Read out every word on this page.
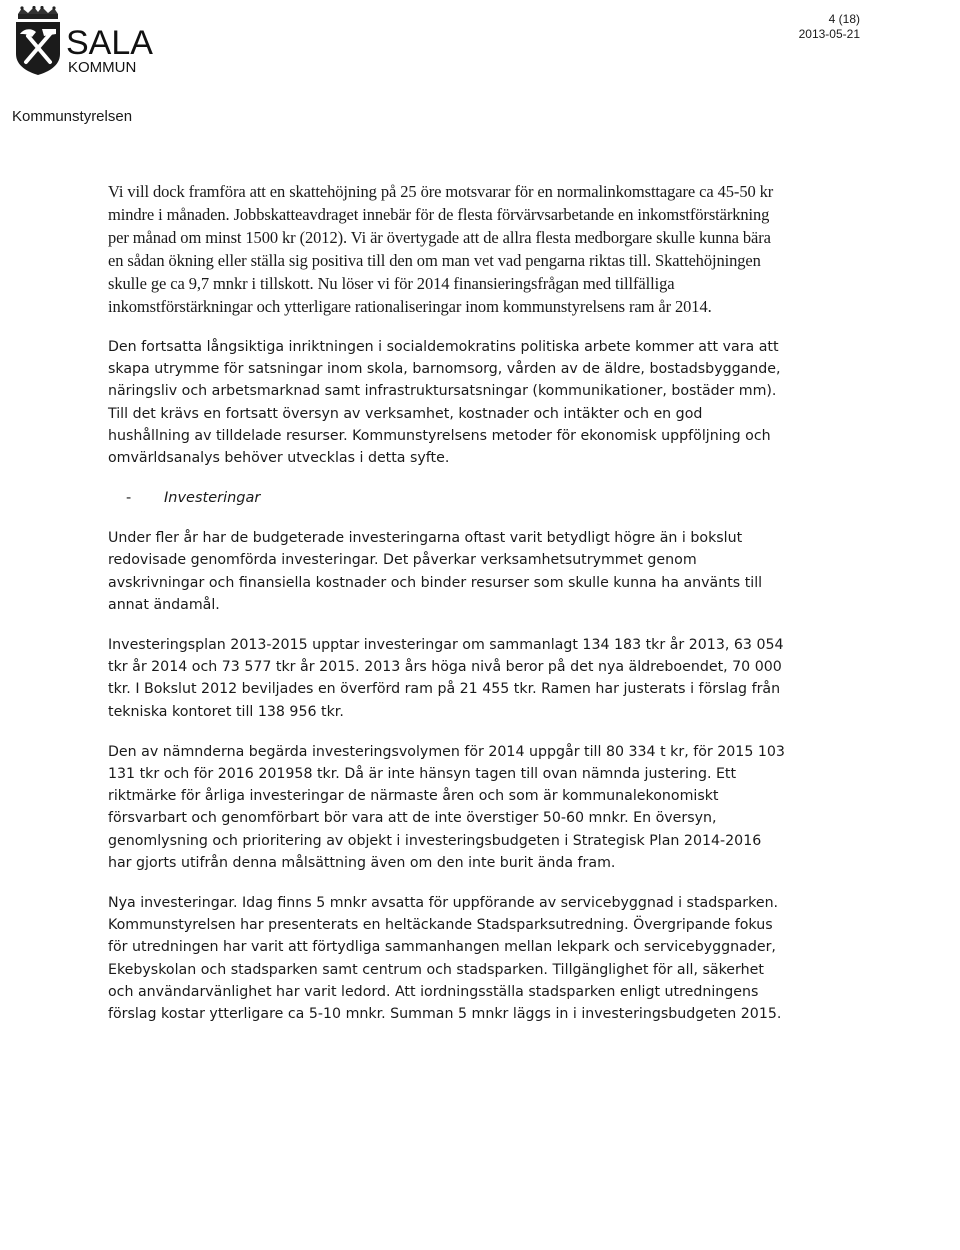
SALA
KOMMUN
4 (18)
2013-05-21
Kommunstyrelsen

Vi vill dock framföra att en skattehöjning på 25 öre motsvarar för en normalinkomsttagare ca 45-50 kr mindre i månaden. Jobbskatteavdraget innebär för de flesta förvärvsarbetande en inkomstförstärkning per månad om minst 1500 kr (2012). Vi är övertygade att de allra flesta medborgare skulle kunna bära en sådan ökning eller ställa sig positiva till den om man vet vad pengarna riktas till. Skattehöjningen skulle ge ca 9,7 mnkr i tillskott. Nu löser vi för 2014 finansieringsfrågan med tillfälliga inkomstförstärkningar och ytterligare rationaliseringar inom kommunstyrelsens ram år 2014.

Den fortsatta långsiktiga inriktningen i socialdemokratins politiska arbete kommer att vara att skapa utrymme för satsningar inom skola, barnomsorg, vården av de äldre, bostadsbyggande, näringsliv och arbetsmarknad samt infrastruktursatsningar (kommunikationer, bostäder mm). Till det krävs en fortsatt översyn av verksamhet, kostnader och intäkter och en god hushållning av tilldelade resurser. Kommunstyrelsens metoder för ekonomisk uppföljning och omvärldsanalys behöver utvecklas i detta syfte.

- Investeringar

Under fler år har de budgeterade investeringarna oftast varit betydligt högre än i bokslut redovisade genomförda investeringar. Det påverkar verksamhetsutrymmet genom avskrivningar och finansiella kostnader och binder resurser som skulle kunna ha använts till annat ändamål.

Investeringsplan 2013-2015 upptar investeringar om sammanlagt 134 183 tkr år 2013, 63 054 tkr år 2014 och 73 577 tkr år 2015. 2013 års höga nivå beror på det nya äldreboendet, 70 000 tkr. I Bokslut 2012 beviljades en överförd ram på 21 455 tkr. Ramen har justerats i förslag från tekniska kontoret till 138 956 tkr.

Den av nämnderna begärda investeringsvolymen för 2014 uppgår till 80 334 t kr, för 2015 103 131 tkr och för 2016 201958 tkr. Då är inte hänsyn tagen till ovan nämnda justering. Ett riktmärke för årliga investeringar de närmaste åren och som är kommunalekonomiskt försvarbart och genomförbart bör vara att de inte överstiger 50-60 mnkr. En översyn, genomlysning och prioritering av objekt i investeringsbudgeten i Strategisk Plan 2014-2016 har gjorts utifrån denna målsättning även om den inte burit ända fram.

Nya investeringar. Idag finns 5 mnkr avsatta för uppförande av servicebyggnad i stadsparken. Kommunstyrelsen har presenterats en heltäckande Stadsparksutredning. Övergripande fokus för utredningen har varit att förtydliga sammanhangen mellan lekpark och servicebyggnader, Ekebyskolan och stadsparken samt centrum och stadsparken. Tillgänglighet för all, säkerhet och användarvänlighet har varit ledord. Att iordningsställa stadsparken enligt utredningens förslag kostar ytterligare ca 5-10 mnkr. Summan 5 mnkr läggs in i investeringsbudgeten 2015.
